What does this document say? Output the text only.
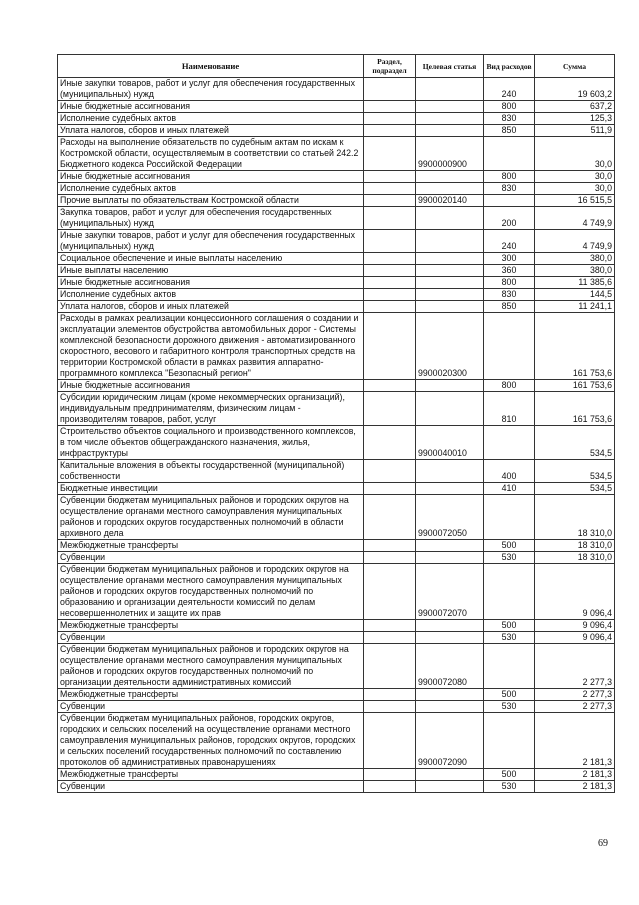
Наименование	Раздел, подраздел	Целевая статья	Вид расходов	Сумма
Иные закупки товаров, работ и услуг для обеспечения государственных (муниципальных) нужд			240	19 603,2
Иные бюджетные ассигнования			800	637,2
Исполнение судебных актов			830	125,3
Уплата налогов, сборов и иных платежей			850	511,9
Расходы на выполнение обязательств по судебным актам по искам к Костромской области, осуществляемым в соответствии со статьей 242.2 Бюджетного кодекса Российской Федерации		9900000900		30,0
Иные бюджетные ассигнования			800	30,0
Исполнение судебных актов			830	30,0
Прочие выплаты по обязательствам Костромской области		9900020140		16 515,5
Закупка товаров, работ и услуг для обеспечения государственных (муниципальных) нужд			200	4 749,9
Иные закупки товаров, работ и услуг для обеспечения государственных (муниципальных) нужд			240	4 749,9
Социальное обеспечение и иные выплаты населению			300	380,0
Иные выплаты населению			360	380,0
Иные бюджетные ассигнования			800	11 385,6
Исполнение судебных актов			830	144,5
Уплата налогов, сборов и иных платежей			850	11 241,1
Расходы в рамках реализации концессионного соглашения о создании и эксплуатации элементов обустройства автомобильных дорог - Системы комплексной безопасности дорожного движения - автоматизированного скоростного, весового и габаритного контроля транспортных средств на территории Костромской области в рамках развития аппаратно-программного комплекса "Безопасный регион"		9900020300		161 753,6
Иные бюджетные ассигнования			800	161 753,6
Субсидии юридическим лицам (кроме некоммерческих организаций), индивидуальным предпринимателям, физическим лицам - производителям товаров, работ, услуг			810	161 753,6
Строительство объектов социального и производственного комплексов, в том числе объектов общегражданского назначения, жилья, инфраструктуры		9900040010		534,5
Капитальные вложения в объекты государственной (муниципальной) собственности			400	534,5
Бюджетные инвестиции			410	534,5
Субвенции бюджетам муниципальных районов и городских округов на осуществление органами местного самоуправления муниципальных районов и городских округов государственных полномочий в области архивного дела		9900072050		18 310,0
Межбюджетные трансферты			500	18 310,0
Субвенции			530	18 310,0
Субвенции бюджетам муниципальных районов и городских округов на осуществление органами местного самоуправления муниципальных районов и городских округов государственных полномочий по образованию и организации деятельности комиссий по делам несовершеннолетних и защите их прав		9900072070		9 096,4
Межбюджетные трансферты			500	9 096,4
Субвенции			530	9 096,4
Субвенции бюджетам муниципальных районов и городских округов на осуществление органами местного самоуправления муниципальных районов и городских округов государственных полномочий по организации деятельности административных комиссий		9900072080		2 277,3
Межбюджетные трансферты			500	2 277,3
Субвенции			530	2 277,3
Субвенции бюджетам муниципальных районов, городских округов, городских и сельских поселений на осуществление органами местного самоуправления муниципальных районов, городских округов, городских и сельских поселений государственных полномочий по составлению протоколов об административных правонарушениях		9900072090		2 181,3
Межбюджетные трансферты			500	2 181,3
Субвенции			530	2 181,3
69
